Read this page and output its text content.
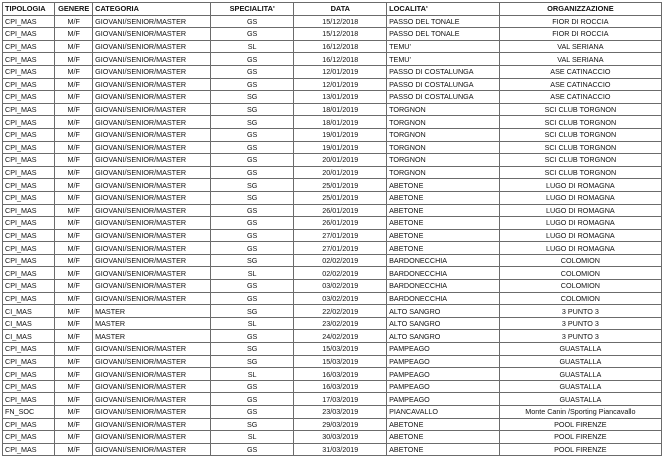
TIPOLOGIA	GENERE	CATEGORIA	SPECIALITA'	DATA	LOCALITA'	ORGANIZZAZIONE
CPI_MAS	M/F	GIOVANI/SENIOR/MASTER	GS	15/12/2018	PASSO DEL TONALE	FIOR DI ROCCIA
CPI_MAS	M/F	GIOVANI/SENIOR/MASTER	GS	15/12/2018	PASSO DEL TONALE	FIOR DI ROCCIA
CPI_MAS	M/F	GIOVANI/SENIOR/MASTER	SL	16/12/2018	TEMU'	VAL SERIANA
CPI_MAS	M/F	GIOVANI/SENIOR/MASTER	GS	16/12/2018	TEMU'	VAL SERIANA
CPI_MAS	M/F	GIOVANI/SENIOR/MASTER	GS	12/01/2019	PASSO DI COSTALUNGA	ASE CATINACCIO
CPI_MAS	M/F	GIOVANI/SENIOR/MASTER	GS	12/01/2019	PASSO DI COSTALUNGA	ASE CATINACCIO
CPI_MAS	M/F	GIOVANI/SENIOR/MASTER	SG	13/01/2019	PASSO DI COSTALUNGA	ASE CATINACCIO
CPI_MAS	M/F	GIOVANI/SENIOR/MASTER	SG	18/01/2019	TORGNON	SCI CLUB TORGNON
CPI_MAS	M/F	GIOVANI/SENIOR/MASTER	SG	18/01/2019	TORGNON	SCI CLUB TORGNON
CPI_MAS	M/F	GIOVANI/SENIOR/MASTER	GS	19/01/2019	TORGNON	SCI CLUB TORGNON
CPI_MAS	M/F	GIOVANI/SENIOR/MASTER	GS	19/01/2019	TORGNON	SCI CLUB TORGNON
CPI_MAS	M/F	GIOVANI/SENIOR/MASTER	GS	20/01/2019	TORGNON	SCI CLUB TORGNON
CPI_MAS	M/F	GIOVANI/SENIOR/MASTER	GS	20/01/2019	TORGNON	SCI CLUB TORGNON
CPI_MAS	M/F	GIOVANI/SENIOR/MASTER	SG	25/01/2019	ABETONE	LUGO DI ROMAGNA
CPI_MAS	M/F	GIOVANI/SENIOR/MASTER	SG	25/01/2019	ABETONE	LUGO DI ROMAGNA
CPI_MAS	M/F	GIOVANI/SENIOR/MASTER	GS	26/01/2019	ABETONE	LUGO DI ROMAGNA
CPI_MAS	M/F	GIOVANI/SENIOR/MASTER	GS	26/01/2019	ABETONE	LUGO DI ROMAGNA
CPI_MAS	M/F	GIOVANI/SENIOR/MASTER	GS	27/01/2019	ABETONE	LUGO DI ROMAGNA
CPI_MAS	M/F	GIOVANI/SENIOR/MASTER	GS	27/01/2019	ABETONE	LUGO DI ROMAGNA
CPI_MAS	M/F	GIOVANI/SENIOR/MASTER	SG	02/02/2019	BARDONECCHIA	COLOMION
CPI_MAS	M/F	GIOVANI/SENIOR/MASTER	SL	02/02/2019	BARDONECCHIA	COLOMION
CPI_MAS	M/F	GIOVANI/SENIOR/MASTER	GS	03/02/2019	BARDONECCHIA	COLOMION
CPI_MAS	M/F	GIOVANI/SENIOR/MASTER	GS	03/02/2019	BARDONECCHIA	COLOMION
CI_MAS	M/F	MASTER	SG	22/02/2019	ALTO SANGRO	3 PUNTO 3
CI_MAS	M/F	MASTER	SL	23/02/2019	ALTO SANGRO	3 PUNTO 3
CI_MAS	M/F	MASTER	GS	24/02/2019	ALTO SANGRO	3 PUNTO 3
CPI_MAS	M/F	GIOVANI/SENIOR/MASTER	SG	15/03/2019	PAMPEAGO	GUASTALLA
CPI_MAS	M/F	GIOVANI/SENIOR/MASTER	SG	15/03/2019	PAMPEAGO	GUASTALLA
CPI_MAS	M/F	GIOVANI/SENIOR/MASTER	SL	16/03/2019	PAMPEAGO	GUASTALLA
CPI_MAS	M/F	GIOVANI/SENIOR/MASTER	GS	16/03/2019	PAMPEAGO	GUASTALLA
CPI_MAS	M/F	GIOVANI/SENIOR/MASTER	GS	17/03/2019	PAMPEAGO	GUASTALLA
FN_SOC	M/F	GIOVANI/SENIOR/MASTER	GS	23/03/2019	PIANCAVALLO	Monte Canin /Sporting Piancavallo
CPI_MAS	M/F	GIOVANI/SENIOR/MASTER	SG	29/03/2019	ABETONE	POOL FIRENZE
CPI_MAS	M/F	GIOVANI/SENIOR/MASTER	SL	30/03/2019	ABETONE	POOL FIRENZE
CPI_MAS	M/F	GIOVANI/SENIOR/MASTER	GS	31/03/2019	ABETONE	POOL FIRENZE
